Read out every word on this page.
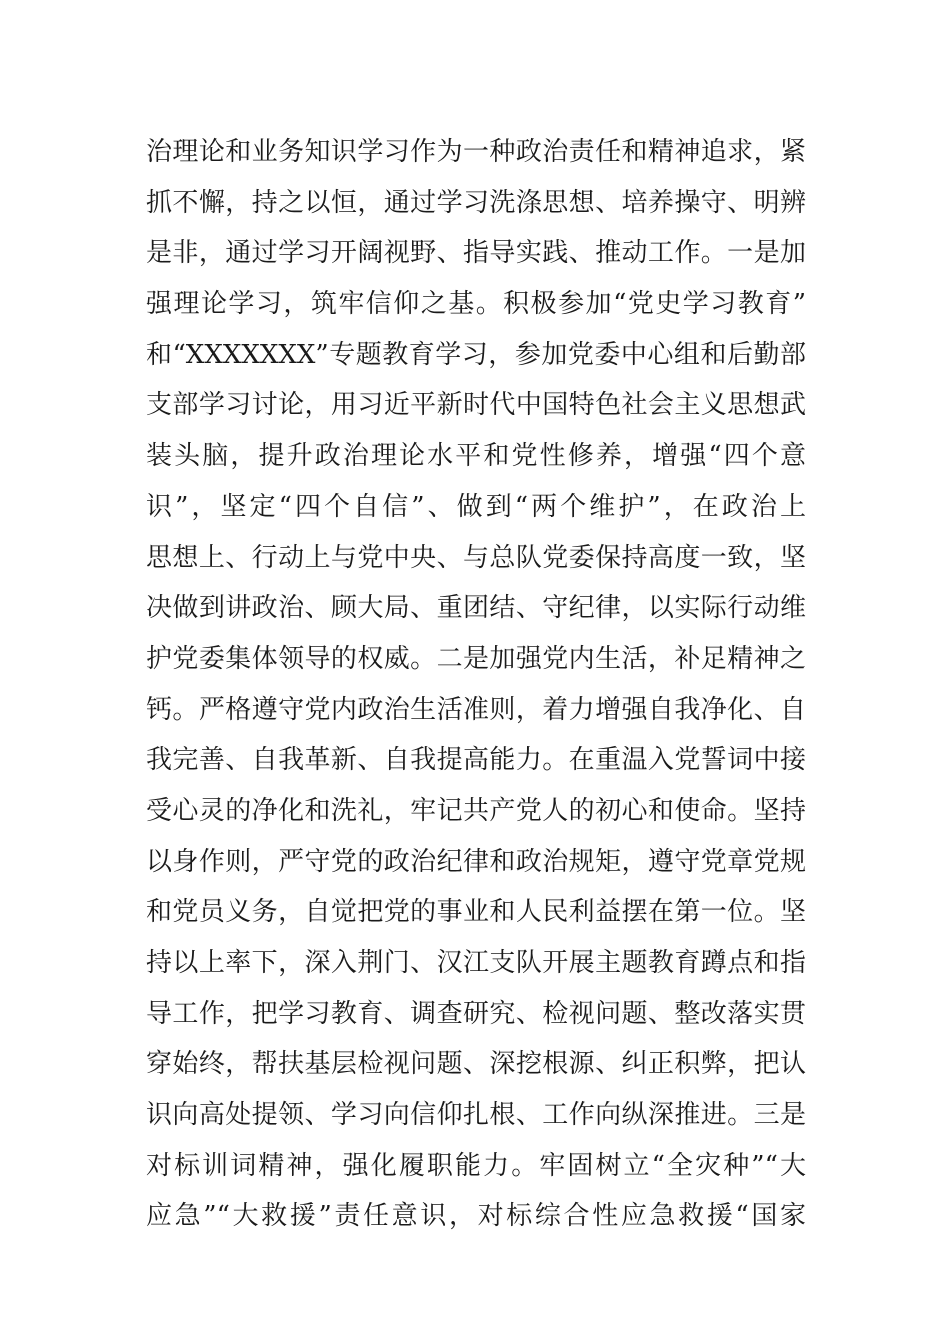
治理论和业务知识学习作为一种政治责任和精神追求，紧
抓不懈，持之以恒，通过学习洗涤思想、培养操守、明辨
是非，通过学习开阔视野、指导实践、推动工作。一是加
强理论学习，筑牢信仰之基。积极参加“党史学习教育”
和“XXXXXXX”专题教育学习，参加党委中心组和后勤部
支部学习讨论，用习近平新时代中国特色社会主义思想武
装头脑，提升政治理论水平和党性修养，增强“四个意
识”，坚定“四个自信”、做到“两个维护”，在政治上
思想上、行动上与党中央、与总队党委保持高度一致，坚
决做到讲政治、顾大局、重团结、守纪律，以实际行动维
护党委集体领导的权威。二是加强党内生活，补足精神之
钙。严格遵守党内政治生活准则，着力增强自我净化、自
我完善、自我革新、自我提高能力。在重温入党誓词中接
受心灵的净化和洗礼，牢记共产党人的初心和使命。坚持
以身作则，严守党的政治纪律和政治规矩，遵守党章党规
和党员义务，自觉把党的事业和人民利益摆在第一位。坚
持以上率下，深入荆门、汉江支队开展主题教育蹲点和指
导工作，把学习教育、调查研究、检视问题、整改落实贯
穿始终，帮扶基层检视问题、深挖根源、纠正积弊，把认
识向高处提领、学习向信仰扎根、工作向纵深推进。三是
对标训词精神，强化履职能力。牢固树立“全灾种”“大
应急”“大救援”责任意识，对标综合性应急救援“国家
